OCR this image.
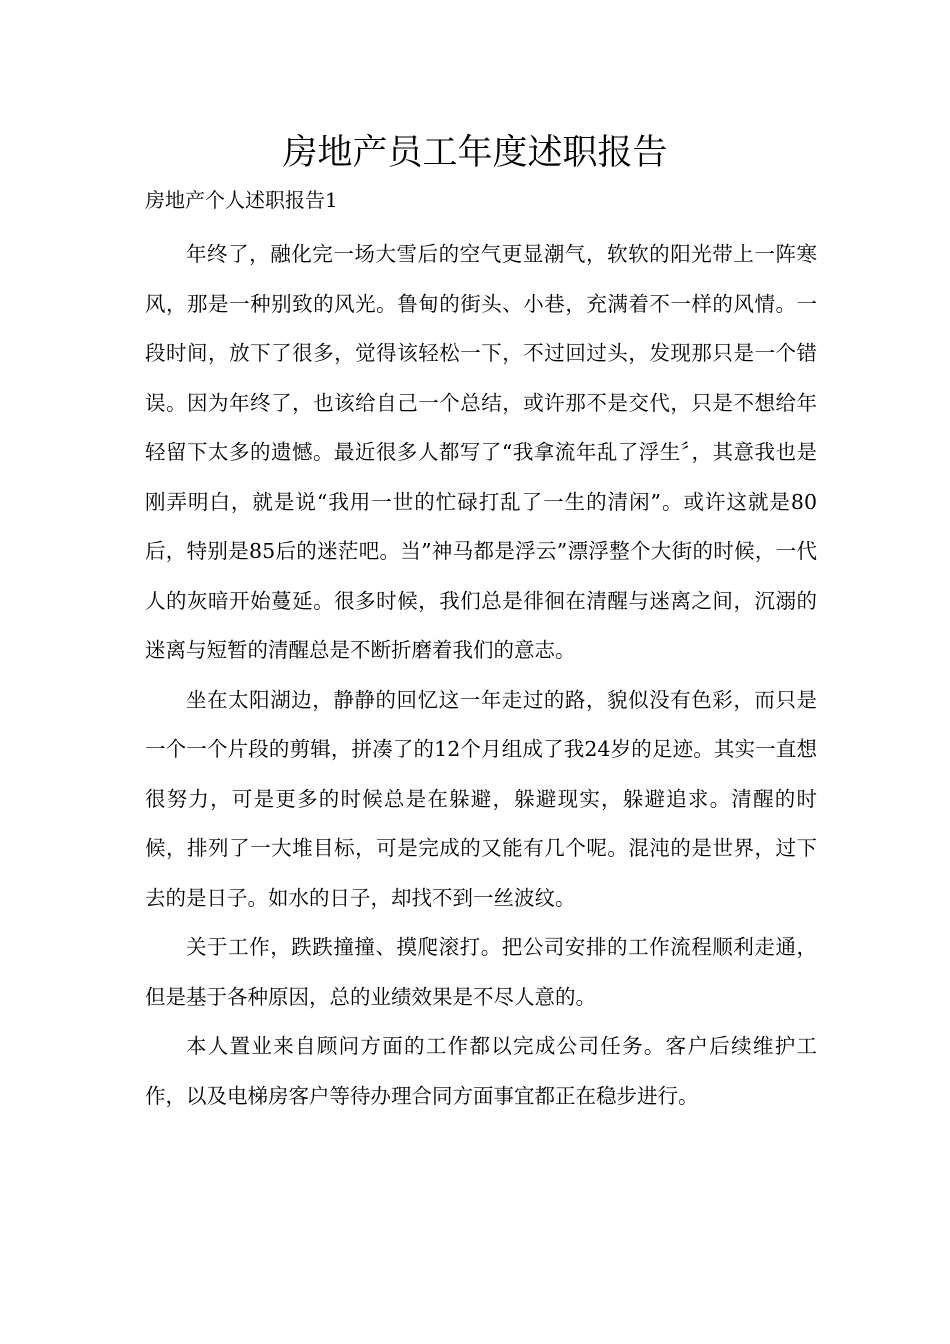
房地产员工年度述职报告
房地产个人述职报告1

年终了，融化完一场大雪后的空气更显潮气，软软的阳光带上一阵寒风，那是一种别致的风光。鲁甸的街头、小巷，充满着不一样的风情。一段时间，放下了很多，觉得该轻松一下，不过回过头，发现那只是一个错误。因为年终了，也该给自己一个总结，或许那不是交代，只是不想给年轻留下太多的遗憾。最近很多人都写了“我拿流年乱了浮生〞，其意我也是刚弄明白，就是说“我用一世的忙碌打乱了一生的清闲”。或许这就是80后，特别是85后的迷茫吧。当”神马都是浮云”漂浮整个大街的时候，一代人的灰暗开始蔓延。很多时候，我们总是徘徊在清醒与迷离之间，沉溺的迷离与短暂的清醒总是不断折磨着我们的意志。

坐在太阳湖边，静静的回忆这一年走过的路，貌似没有色彩，而只是一个一个片段的剪辑，拼凑了的12个月组成了我24岁的足迹。其实一直想很努力，可是更多的时候总是在躲避，躲避现实，躲避追求。清醒的时候，排列了一大堆目标，可是完成的又能有几个呢。混沌的是世界，过下去的是日子。如水的日子，却找不到一丝波纹。

关于工作，跌跌撞撞、摸爬滚打。把公司安排的工作流程顺利走通，但是基于各种原因，总的业绩效果是不尽人意的。

本人置业来自顾问方面的工作都以完成公司任务。客户后续维护工作，以及电梯房客户等待办理合同方面事宜都正在稳步进行。
